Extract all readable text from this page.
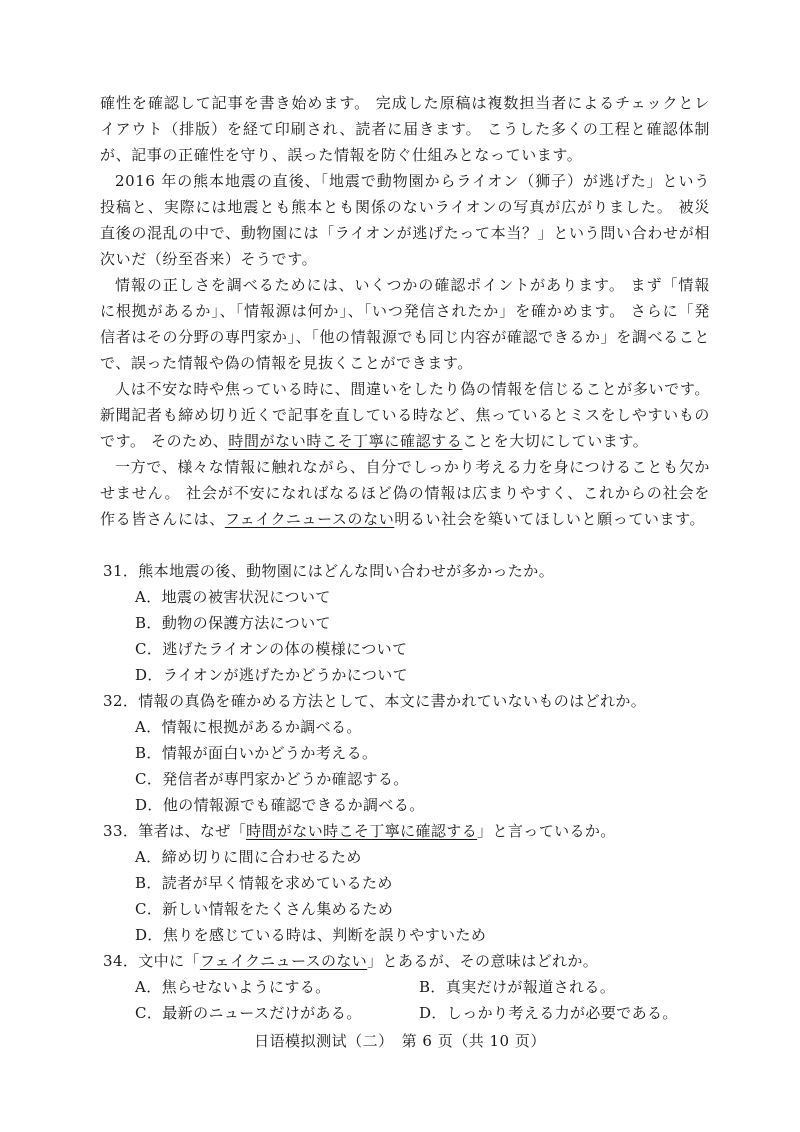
確性を確認して記事を書き始めます。 完成した原稿は複数担当者によるチェックとレイアウト（排版）を経て印刷され、読者に届きます。 こうした多くの工程と確認体制が、記事の正確性を守り、誤った情報を防ぐ仕組みとなっています。

2016 年の熊本地震の直後、「地震で動物園からライオン（狮子）が逃げた」という投稿と、実際には地震とも熊本とも関係のないライオンの写真が広がりました。 被災直後の混乱の中で、動物園には「ライオンが逃げたって本当？」という問い合わせが相次いだ（纷至沓来）そうです。

情報の正しさを調べるためには、いくつかの確認ポイントがあります。 まず「情報に根拠があるか」、「情報源は何か」、「いつ発信されたか」を確かめます。 さらに「発信者はその分野の専門家か」、「他の情報源でも同じ内容が確認できるか」を調べることで、誤った情報や偽の情報を見抜くことができます。

人は不安な時や焦っている時に、間違いをしたり偽の情報を信じることが多いです。 新聞記者も締め切り近くで記事を直している時など、焦っているとミスをしやすいものです。 そのため、時間がない時こそ丁寧に確認することを大切にしています。

一方で、様々な情報に触れながら、自分でしっかり考える力を身につけることも欠かせません。 社会が不安になればなるほど偽の情報は広まりやすく、これからの社会を作る皆さんには、フェイクニュースのない明るい社会を築いてほしいと願っています。

31．熊本地震の後、動物園にはどんな問い合わせが多かったか。
A．地震の被害状況について
B．動物の保護方法について
C．逃げたライオンの体の模様について
D．ライオンが逃げたかどうかについて
32．情報の真偽を確かめる方法として、本文に書かれていないものはどれか。
A．情報に根拠があるか調べる。
B．情報が面白いかどうか考える。
C．発信者が専門家かどうか確認する。
D．他の情報源でも確認できるか調べる。
33．筆者は、なぜ「時間がない時こそ丁寧に確認する」と言っているか。
A．締め切りに間に合わせるため
B．読者が早く情報を求めているため
C．新しい情報をたくさん集めるため
D．焦りを感じている時は、判断を誤りやすいため
34．文中に「フェイクニュースのない」とあるが、その意味はどれか。
A．焦らせないようにする。	B．真実だけが報道される。
C．最新のニュースだけがある。	D．しっかり考える力が必要である。
日语模拟测试（二）　第 6 页（共 10 页）
